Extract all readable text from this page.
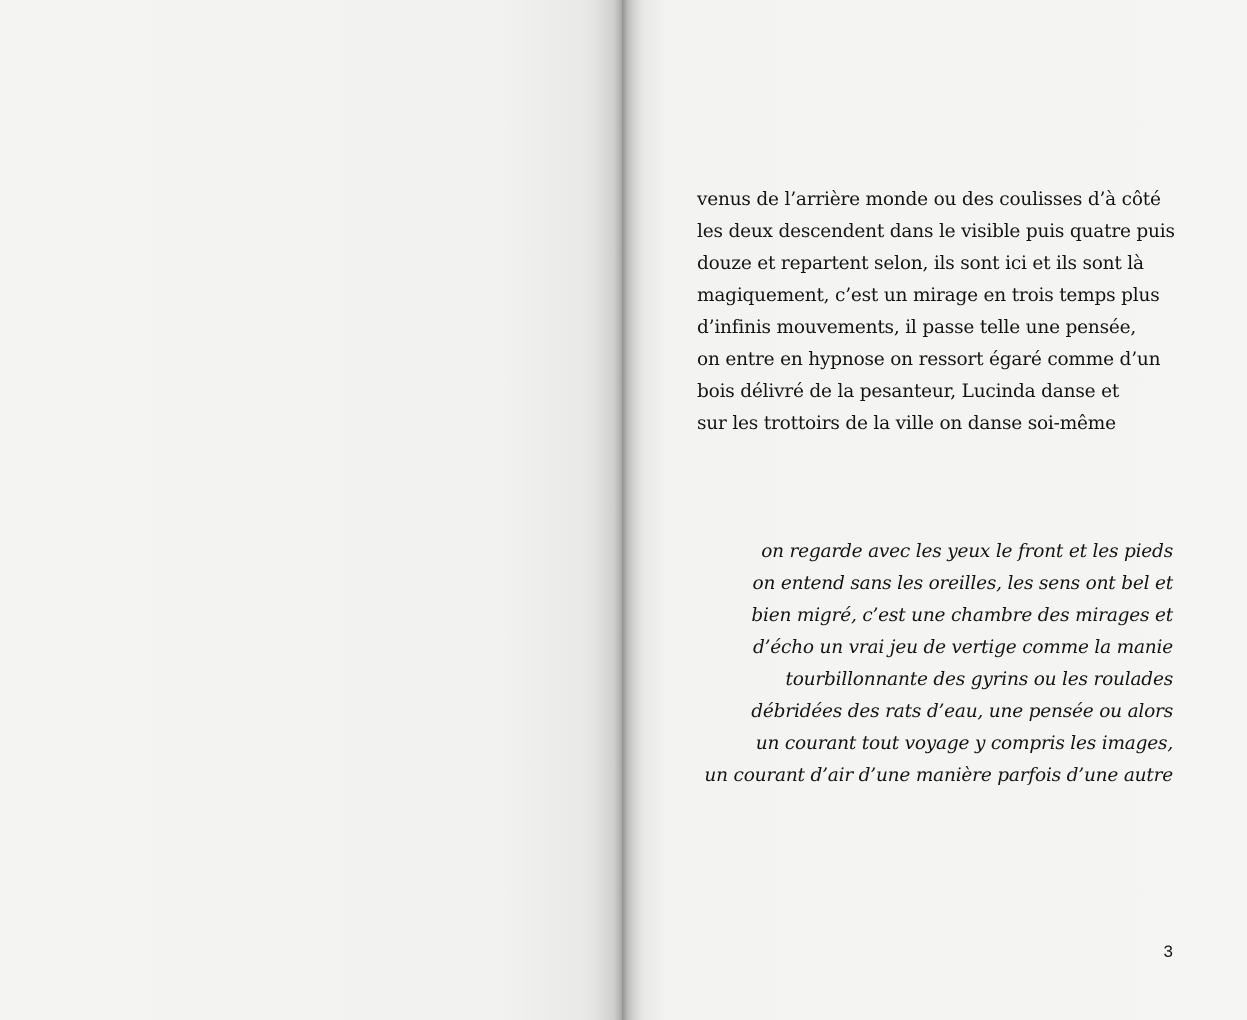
venus de l’arrière monde ou des coulisses d’à côté
les deux descendent dans le visible puis quatre puis
douze et repartent selon, ils sont ici et ils sont là
magiquement, c’est un mirage en trois temps plus
d’infinis mouvements, il passe telle une pensée,
on entre en hypnose on ressort égaré comme d’un
bois délivré de la pesanteur, Lucinda danse et
sur les trottoirs de la ville on danse soi-même
on regarde avec les yeux le front et les pieds
on entend sans les oreilles, les sens ont bel et
bien migré, c’est une chambre des mirages et
d’écho un vrai jeu de vertige comme la manie
tourbillonnante des gyrins ou les roulades
débridées des rats d’eau, une pensée ou alors
un courant tout voyage y compris les images,
un courant d’air d’une manière parfois d’une autre
3
